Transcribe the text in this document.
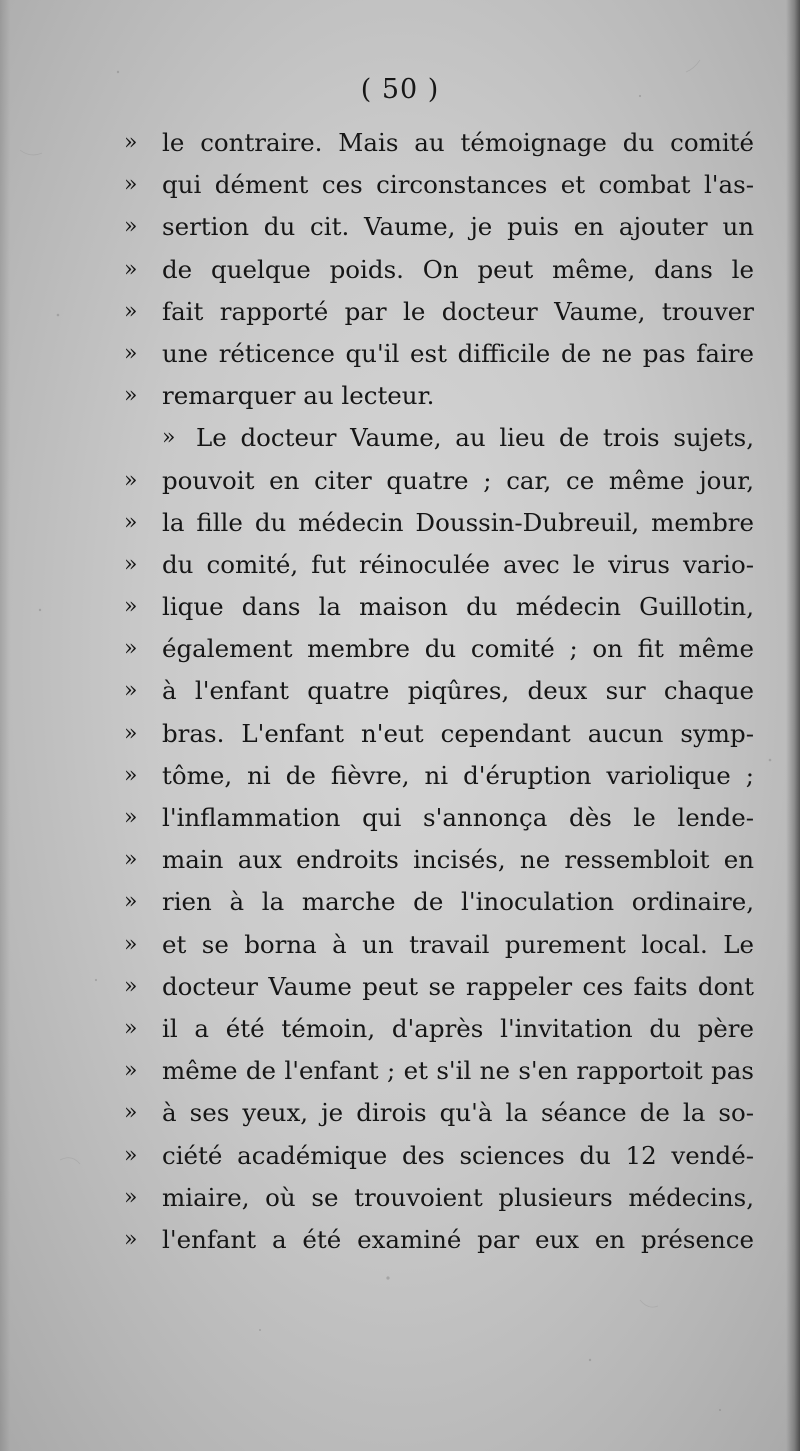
( 50 )
»	le contraire. Mais au témoignage du comité
»	qui dément ces circonstances et combat l'as-
»	sertion du cit. Vaume, je puis en ajouter un
»	de quelque poids. On peut même, dans le
»	fait rapporté par le docteur Vaume, trouver
»	une réticence qu'il est difficile de ne pas faire
»	remarquer au lecteur.
» Le docteur Vaume, au lieu de trois sujets,
»	pouvoit en citer quatre ; car, ce même jour,
»	la fille du médecin Doussin-Dubreuil, membre
»	du comité, fut réinoculée avec le virus vario-
»	lique dans la maison du médecin Guillotin,
»	également membre du comité ; on fit même
»	à l'enfant quatre piqûres, deux sur chaque
»	bras. L'enfant n'eut cependant aucun symp-
»	tôme, ni de fièvre, ni d'éruption variolique ;
»	l'inflammation qui s'annonça dès le lende-
»	main aux endroits incisés, ne ressembloit en
»	rien à la marche de l'inoculation ordinaire,
»	et se borna à un travail purement local. Le
»	docteur Vaume peut se rappeler ces faits dont
»	il a été témoin, d'après l'invitation du père
»	même de l'enfant ; et s'il ne s'en rapportoit pas
»	à ses yeux, je dirois qu'à la séance de la so-
»	ciété académique des sciences du 12 vendé-
»	miaire, où se trouvoient plusieurs médecins,
»	l'enfant a été examiné par eux en présence
